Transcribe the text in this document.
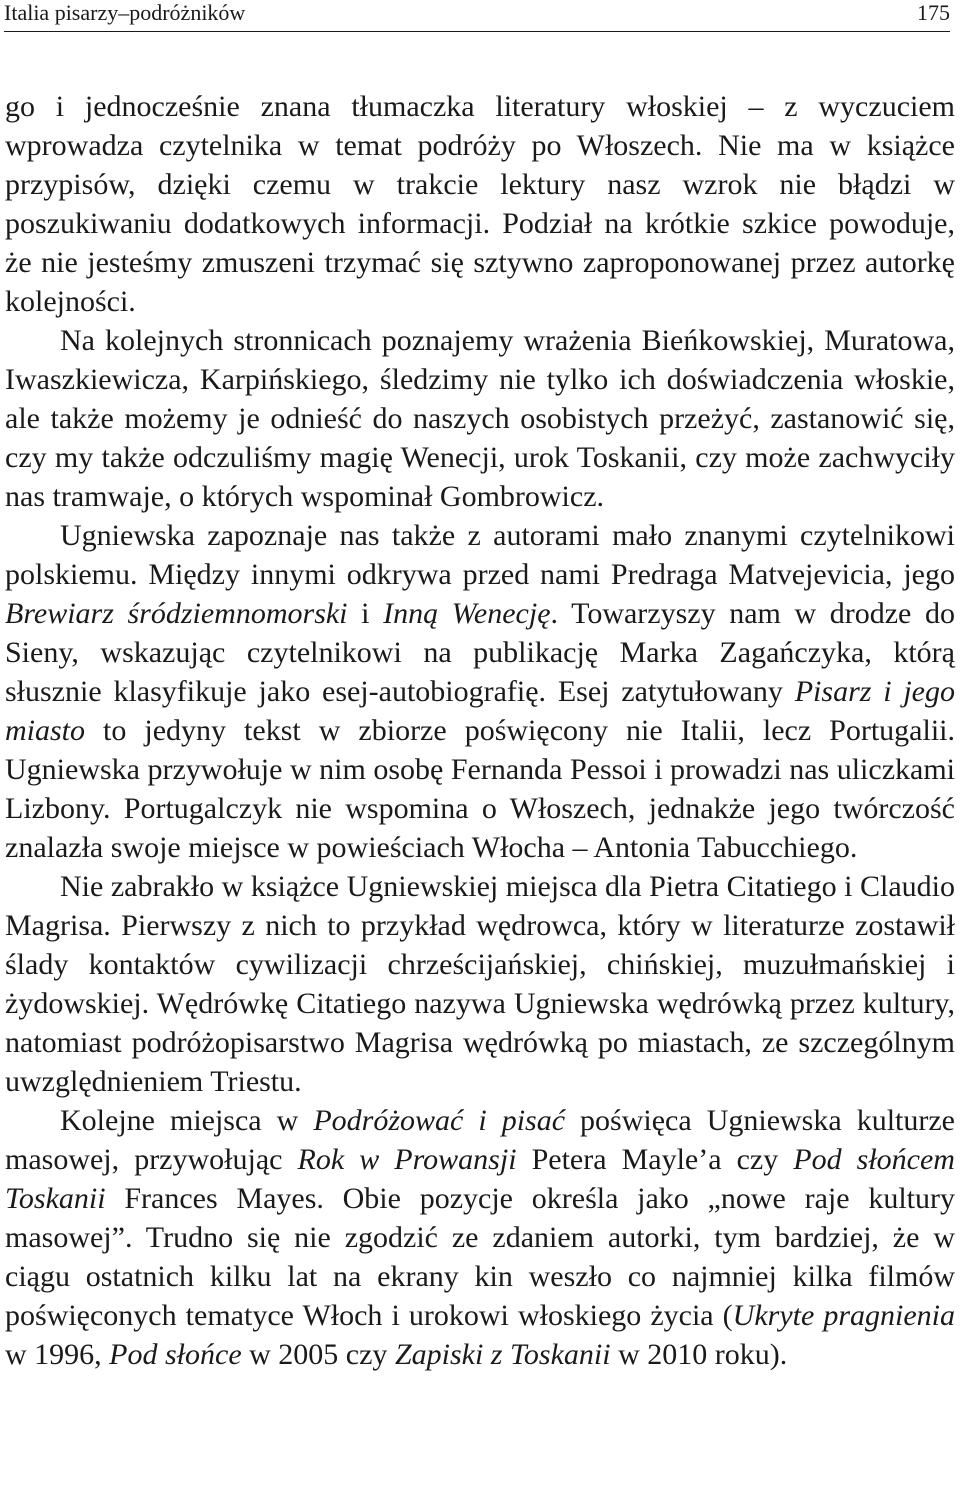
Italia pisarzy–podróżników	175

go i jednocześnie znana tłumaczka literatury włoskiej – z wyczuciem wprowadza czytelnika w temat podróży po Włoszech. Nie ma w książce przypisów, dzięki czemu w trakcie lektury nasz wzrok nie błądzi w poszukiwaniu dodatkowych informacji. Podział na krótkie szkice powoduje, że nie jesteśmy zmuszeni trzymać się sztywno zaproponowanej przez autorkę kolejności.

Na kolejnych stronnicach poznajemy wrażenia Bieńkowskiej, Muratowa, Iwaszkiewicza, Karpińskiego, śledzimy nie tylko ich doświadczenia włoskie, ale także możemy je odnieść do naszych osobistych przeżyć, zastanowić się, czy my także odczuliśmy magię Wenecji, urok Toskanii, czy może zachwyciły nas tramwaje, o których wspominał Gombrowicz.

Ugniewska zapoznaje nas także z autorami mało znanymi czytelnikowi polskiemu. Między innymi odkrywa przed nami Predraga Matvejevicia, jego Brewiarz śródziemnomorski i Inną Wenecję. Towarzyszy nam w drodze do Sieny, wskazując czytelnikowi na publikację Marka Zagańczyka, którą słusznie klasyfikuje jako esej-autobiografię. Esej zatytułowany Pisarz i jego miasto to jedyny tekst w zbiorze poświęcony nie Italii, lecz Portugalii. Ugniewska przywołuje w nim osobę Fernanda Pessoi i prowadzi nas uliczkami Lizbony. Portugalczyk nie wspomina o Włoszech, jednakże jego twórczość znalazła swoje miejsce w powieściach Włocha – Antonia Tabucchiego.

Nie zabrakło w książce Ugniewskiej miejsca dla Pietra Citatiego i Claudio Magrisa. Pierwszy z nich to przykład wędrowca, który w literaturze zostawił ślady kontaktów cywilizacji chrześcijańskiej, chińskiej, muzułmańskiej i żydowskiej. Wędrówkę Citatiego nazywa Ugniewska wędrówką przez kultury, natomiast podróżopisarstwo Magrisa wędrówką po miastach, ze szczególnym uwzględnieniem Triestu.

Kolejne miejsca w Podróżować i pisać poświęca Ugniewska kulturze masowej, przywołując Rok w Prowansji Petera Mayle’a czy Pod słońcem Toskanii Frances Mayes. Obie pozycje określa jako „nowe raje kultury masowej”. Trudno się nie zgodzić ze zdaniem autorki, tym bardziej, że w ciągu ostatnich kilku lat na ekrany kin weszło co najmniej kilka filmów poświęconych tematyce Włoch i urokowi włoskiego życia (Ukryte pragnienia w 1996, Pod słońce w 2005 czy Zapiski z Toskanii w 2010 roku).
